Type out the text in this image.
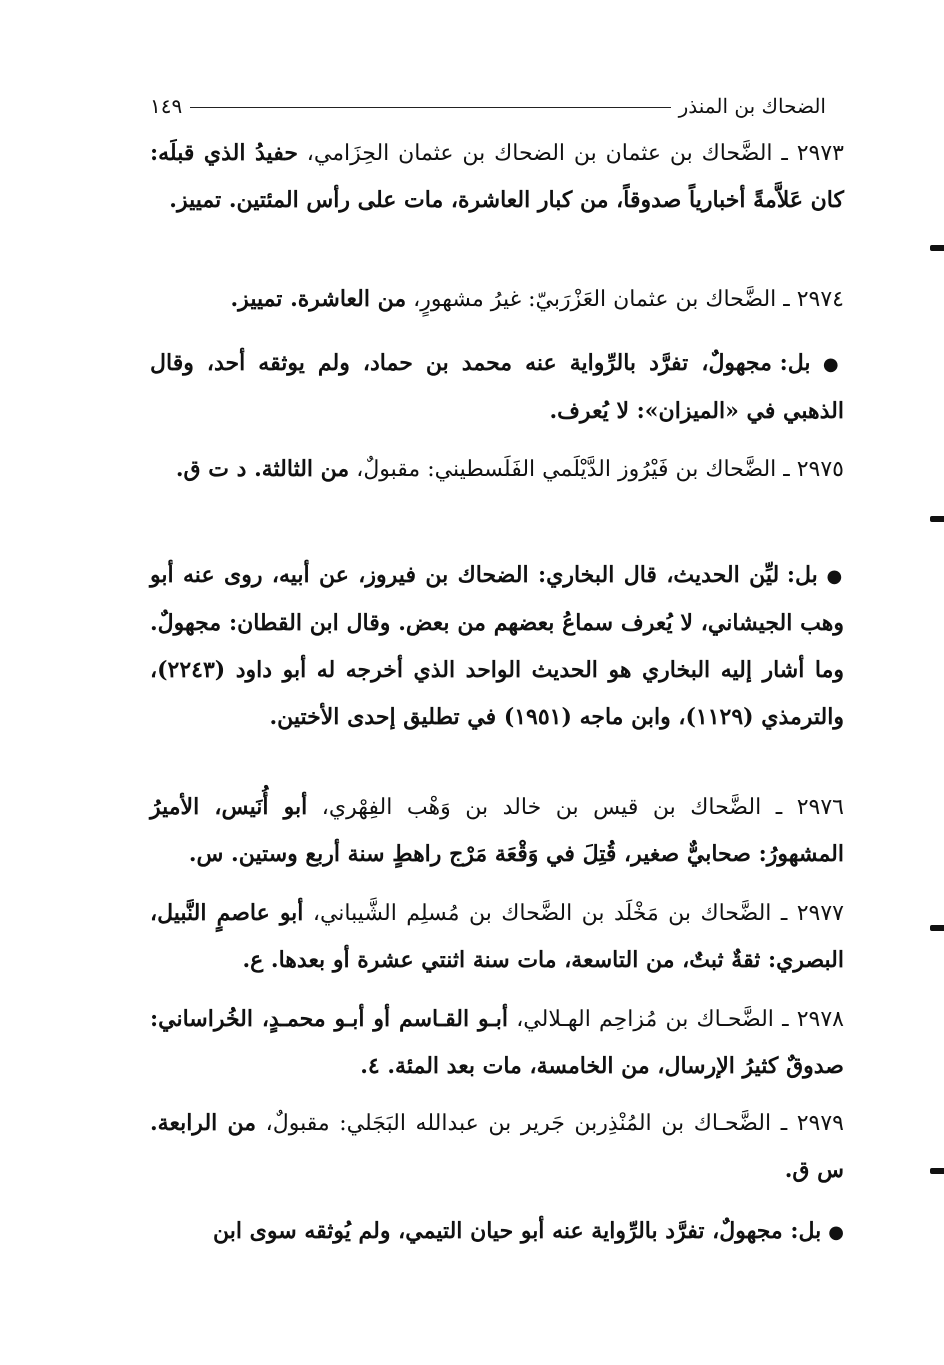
الضحاك بن المنذر
١٤٩

٢٩٧٣ ـ الضَّحاك بن عثمان بن الضحاك بن عثمان الحِزَامي، حفيدُ الذي قبلَه: كان عَلاَّمةً أخبارياً صدوقاً، من كبار العاشرة، مات على رأس المئتين. تمييز.

٢٩٧٤ ـ الضَّحاك بن عثمان العَزْرَبيّ: غيرُ مشهورٍ، من العاشرة. تمييز.

● بل: مجهولٌ، تفرَّد بالرِّواية عنه محمد بن حماد، ولم يوثقه أحد، وقال الذهبي في «الميزان»: لا يُعرف.

٢٩٧٥ ـ الضَّحاك بن فَيْرُوز الدَّيْلَمي الفَلَسطيني: مقبولٌ، من الثالثة. د ت ق.

● بل: ليِّن الحديث، قال البخاري: الضحاك بن فيروز، عن أبيه، روى عنه أبو وهب الجيشاني، لا يُعرف سماعُ بعضهم من بعض. وقال ابن القطان: مجهولٌ. وما أشار إليه البخاري هو الحديث الواحد الذي أخرجه له أبو داود (٢٢٤٣)، والترمذي (١١٢٩)، وابن ماجه (١٩٥١) في تطليق إحدى الأختين.

٢٩٧٦ ـ الضَّحاك بن قيس بن خالد بن وَهْب الفِهْري، أبو أُنَيس، الأميرُ المشهورُ: صحابيٌّ صغير، قُتِلَ في وَقْعَة مَرْج راهطٍ سنة أربع وستين. س.

٢٩٧٧ ـ الضَّحاك بن مَخْلَد بن الضَّحاك بن مُسلِم الشَّيباني، أبو عاصمٍ النَّبيل، البصري: ثقةٌ ثبتٌ، من التاسعة، مات سنة اثنتي عشرة أو بعدها. ع.

٢٩٧٨ ـ الضَّحـاك بن مُزاحِم الهـلالي، أبـو القـاسم أو أبـو محمـدٍ، الخُراساني: صدوقٌ كثيرُ الإرسال، من الخامسة، مات بعد المئة. ٤.

٢٩٧٩ ـ الضَّحـاك بن المُنْذِربن جَرير بن عبدالله البَجَلي: مقبولٌ، من الرابعة. س ق.

● بل: مجهولٌ، تفرَّد بالرِّواية عنه أبو حيان التيمي، ولم يُوثقه سوى ابن
